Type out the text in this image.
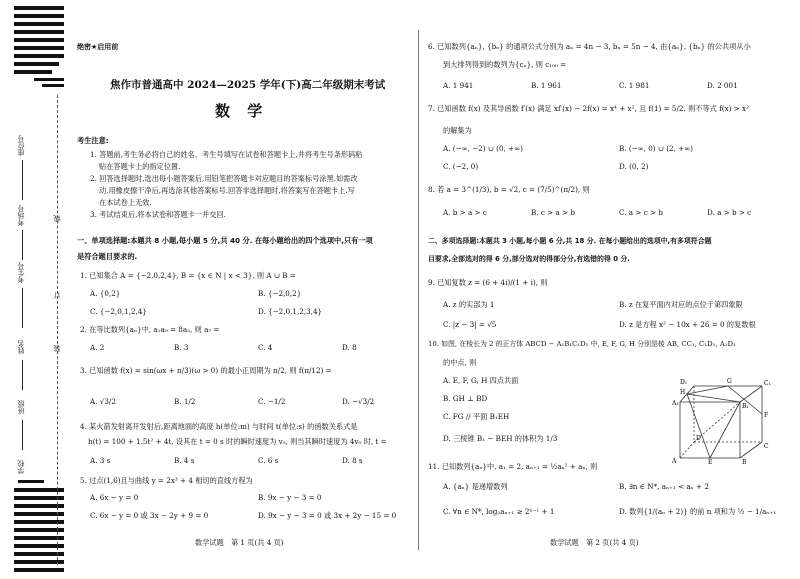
座位号
考场号
考生号
姓名
班级
学校
线
订
装
绝密★启用前
焦作市普通高中 2024—2025 学年(下)高二年级期末考试
数 学
考生注意:
1. 答题前,考生务必将自己的姓名、考生号填写在试卷和答题卡上,并将考生号条形码粘
贴在答题卡上的指定位置.
2. 回答选择题时,选出每小题答案后,用铅笔把答题卡对应题目的答案标号涂黑.如需改
动,用橡皮擦干净后,再选涂其他答案标号.回答非选择题时,将答案写在答题卡上.写
在本试卷上无效.
3. 考试结束后,将本试卷和答题卡一并交回.
一、单项选择题:本题共 8 小题,每小题 5 分,共 40 分. 在每小题给出的四个选项中,只有一项
是符合题目要求的.
1. 已知集合 A = {−2,0,2,4}, B = {x ∈ N | x < 3}, 则 A ∪ B =
A. {0,2}	B. {−2,0,2}
C. {−2,0,1,2,4}	D. {−2,0,1,2,3,4}
2. 在等比数列{aₙ}中, a₁a₉ = 8a₃, 则 a₇ =
A. 2	B. 3	C. 4	D. 8
3. 已知函数 f(x) = sin(ωx + π/3)(ω > 0) 的最小正周期为 π/2, 则 f(π/12) =
A. √3/2	B. 1/2	C. −1/2	D. −√3/2
4. 某火箭发射离开发射后,距离地面的高度 h(单位:m) 与时间 t(单位:s) 的函数关系式是
h(t) = 100 + 1.5t² + 4t, 设其在 t = 0 s 时的瞬时速度为 v₀, 则当其瞬时速度为 4v₀ 时, t =
A. 3 s	B. 4 s	C. 6 s	D. 8 s
5. 过点(1,6)且与曲线 y = 2x³ + 4 相切的直线方程为
A. 6x − y = 0	B. 9x − y − 3 = 0
C. 6x − y = 0 或 3x − 2y + 9 = 0	D. 9x − y − 3 = 0 或 3x + 2y − 15 = 0
数学试题　第 1 页(共 4 页)
6. 已知数列{aₙ}, {bₙ} 的通项公式分别为 aₙ = 4n − 3, bₙ = 5n − 4, 由{aₙ}, {bₙ} 的公共项从小
到大排列得到的数列为{cₙ}, 则 c₁₀₀ =
A. 1 941	B. 1 961	C. 1 981	D. 2 001
7. 已知函数 f(x) 及其导函数 f′(x) 满足 xf′(x) − 2f(x) = x⁴ + x², 且 f(1) = 5/2, 则不等式 f(x) > x²
的解集为
A. (−∞, −2) ∪ (0, +∞)	B. (−∞, 0) ∪ (2, +∞)
C. (−2, 0)	D. (0, 2)
8. 若 a = 3^(1/3), b = √2, c = (7/5)^(π/2), 则
A. b > a > c	B. c > a > b	C. a > c > b	D. a > b > c
二、多项选择题:本题共 3 小题,每小题 6 分,共 18 分. 在每小题给出的选项中,有多项符合题
目要求,全部选对的得 6 分,部分选对的得部分分,有选错的得 0 分.
9. 已知复数 z = (6 + 4i)/(1 + i), 则
A. z 的实部为 1	B. z 在复平面内对应的点位于第四象限
C. |z − 3| = √5	D. z 是方程 x² − 10x + 26 = 0 的复数根
10. 如图, 在棱长为 2 的正方体 ABCD − A₁B₁C₁D₁ 中, E, F, G, H 分别是棱 AB, CC₁, C₁D₁, A₁D₁
的中点, 则
A. E, F, G, H 四点共面
B. GH ⊥ BD
C. FG // 平面 B₁EH
D. 三棱锥 B₁ − BEH 的体积为 1/3
D₁
H
A₁
G	C₁
B₁
F
D
A	E	B
C
11. 已知数列{aₙ}中, a₁ = 2, aₙ₊₁ = ½aₙ² + aₙ, 则
A. {aₙ} 是递增数列	B. ∃n ∈ N*, aₙ₊₁ < aₙ + 2
C. ∀n ∈ N*, log₂aₙ₊₁ ≥ 2ⁿ⁻¹ + 1	D. 数列{1/(aₙ + 2)} 的前 n 项和为 ½ − 1/aₙ₊₁
数学试题　第 2 页(共 4 页)
